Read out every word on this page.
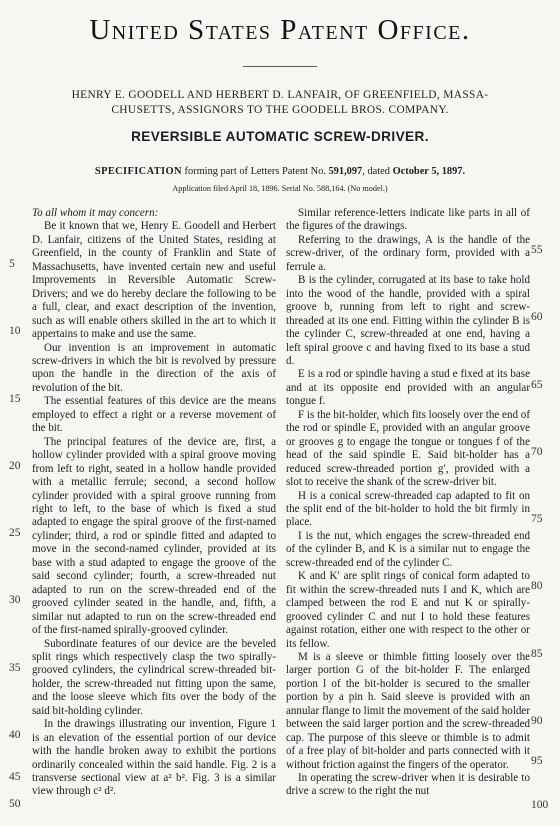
United States Patent Office.
HENRY E. GOODELL AND HERBERT D. LANFAIR, OF GREENFIELD, MASSA-
CHUSETTS, ASSIGNORS TO THE GOODELL BROS. COMPANY.
REVERSIBLE AUTOMATIC SCREW-DRIVER.
SPECIFICATION forming part of Letters Patent No. 591,097, dated October 5, 1897.
Application filed April 18, 1896. Serial No. 588,164. (No model.)

To all whom it may concern:

Be it known that we, Henry E. Goodell and Herbert D. Lanfair, citizens of the United States, residing at Greenfield, in the county of Franklin and State of Massachusetts, have invented certain new and useful Improvements in Reversible Automatic Screw-Drivers; and we do hereby declare the following to be a full, clear, and exact description of the invention, such as will enable others skilled in the art to which it appertains to make and use the same.

Our invention is an improvement in automatic screw-drivers in which the bit is revolved by pressure upon the handle in the direction of the axis of revolution of the bit.

The essential features of this device are the means employed to effect a right or a reverse movement of the bit.

The principal features of the device are, first, a hollow cylinder provided with a spiral groove moving from left to right, seated in a hollow handle provided with a metallic ferrule; second, a second hollow cylinder provided with a spiral groove running from right to left, to the base of which is fixed a stud adapted to engage the spiral groove of the first-named cylinder; third, a rod or spindle fitted and adapted to move in the second-named cylinder, provided at its base with a stud adapted to engage the groove of the said second cylinder; fourth, a screw-threaded nut adapted to run on the screw-threaded end of the grooved cylinder seated in the handle, and, fifth, a similar nut adapted to run on the screw-threaded end of the first-named spirally-grooved cylinder.

Subordinate features of our device are the beveled split rings which respectively clasp the two spirally-grooved cylinders, the cylindrical screw-threaded bit-holder, the screw-threaded nut fitting upon the same, and the loose sleeve which fits over the body of the said bit-holding cylinder.

In the drawings illustrating our invention, Figure 1 is an elevation of the essential portion of our device with the handle broken away to exhibit the portions ordinarily concealed within the said handle. Fig. 2 is a transverse sectional view at a² b². Fig. 3 is a similar view through c² d².

Similar reference-letters indicate like parts in all of the figures of the drawings.

Referring to the drawings, A is the handle of the screw-driver, of the ordinary form, provided with a ferrule a.

B is the cylinder, corrugated at its base to take hold into the wood of the handle, provided with a spiral groove b, running from left to right and screw-threaded at its one end. Fitting within the cylinder B is the cylinder C, screw-threaded at one end, having a left spiral groove c and having fixed to its base a stud d.

E is a rod or spindle having a stud e fixed at its base and at its opposite end provided with an angular tongue f.

F is the bit-holder, which fits loosely over the end of the rod or spindle E, provided with an angular groove or grooves g to engage the tongue or tongues f of the head of the said spindle E. Said bit-holder has a reduced screw-threaded portion g′, provided with a slot to receive the shank of the screw-driver bit.

H is a conical screw-threaded cap adapted to fit on the split end of the bit-holder to hold the bit firmly in place.

I is the nut, which engages the screw-threaded end of the cylinder B, and K is a similar nut to engage the screw-threaded end of the cylinder C.

K and K′ are split rings of conical form adapted to fit within the screw-threaded nuts I and K, which are clamped between the rod E and nut K or spirally-grooved cylinder C and nut I to hold these features against rotation, either one with respect to the other or its fellow.

M is a sleeve or thimble fitting loosely over the larger portion G of the bit-holder F. The enlarged portion l of the bit-holder is secured to the smaller portion by a pin h. Said sleeve is provided with an annular flange to limit the movement of the said holder between the said larger portion and the screw-threaded cap. The purpose of this sleeve or thimble is to admit of a free play of bit-holder and parts connected with it without friction against the fingers of the operator.

In operating the screw-driver when it is desirable to drive a screw to the right the nut

5
10
15
20
25
30
35
40
45
50
55
60
65
70
75
80
85
90
95
100
